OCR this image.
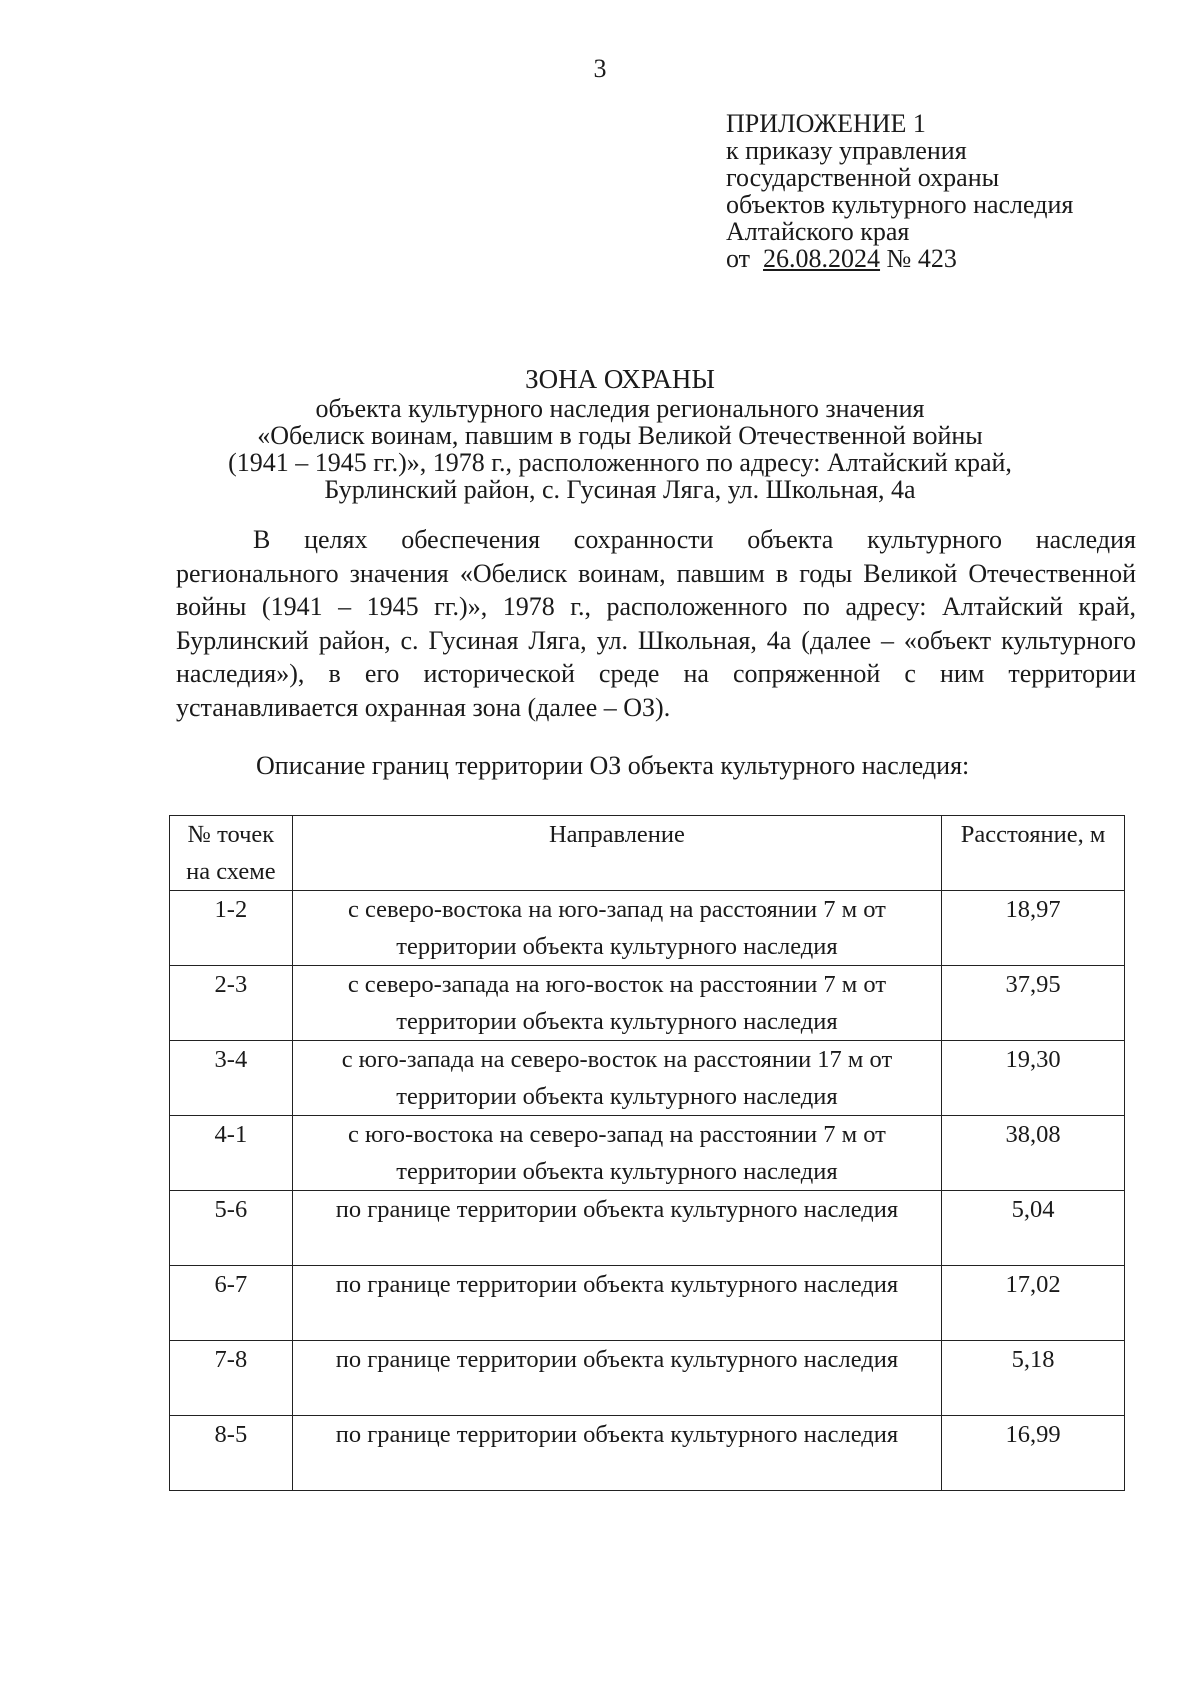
3
ПРИЛОЖЕНИЕ 1
к приказу управления
государственной охраны
объектов культурного наследия
Алтайского края
от 26.08.2024 № 423
ЗОНА ОХРАНЫ
объекта культурного наследия регионального значения
«Обелиск воинам, павшим в годы Великой Отечественной войны
(1941 – 1945 гг.)», 1978 г., расположенного по адресу: Алтайский край,
Бурлинский район, с. Гусиная Ляга, ул. Школьная, 4а

В целях обеспечения сохранности объекта культурного наследия регионального значения «Обелиск воинам, павшим в годы Великой Отечественной войны (1941 – 1945 гг.)», 1978 г., расположенного по адресу: Алтайский край, Бурлинский район, с. Гусиная Ляга, ул. Школьная, 4а (далее – «объект культурного наследия»), в его исторической среде на сопряженной с ним территории устанавливается охранная зона (далее – ОЗ).

Описание границ территории ОЗ объекта культурного наследия:
№ точек на схеме	Направление	Расстояние, м
1-2	с северо-востока на юго-запад на расстоянии 7 м от территории объекта культурного наследия	18,97
2-3	с северо-запада на юго-восток на расстоянии 7 м от территории объекта культурного наследия	37,95
3-4	с юго-запада на северо-восток на расстоянии 17 м от территории объекта культурного наследия	19,30
4-1	с юго-востока на северо-запад на расстоянии 7 м от территории объекта культурного наследия	38,08
5-6	по границе территории объекта культурного наследия	5,04
6-7	по границе территории объекта культурного наследия	17,02
7-8	по границе территории объекта культурного наследия	5,18
8-5	по границе территории объекта культурного наследия	16,99
